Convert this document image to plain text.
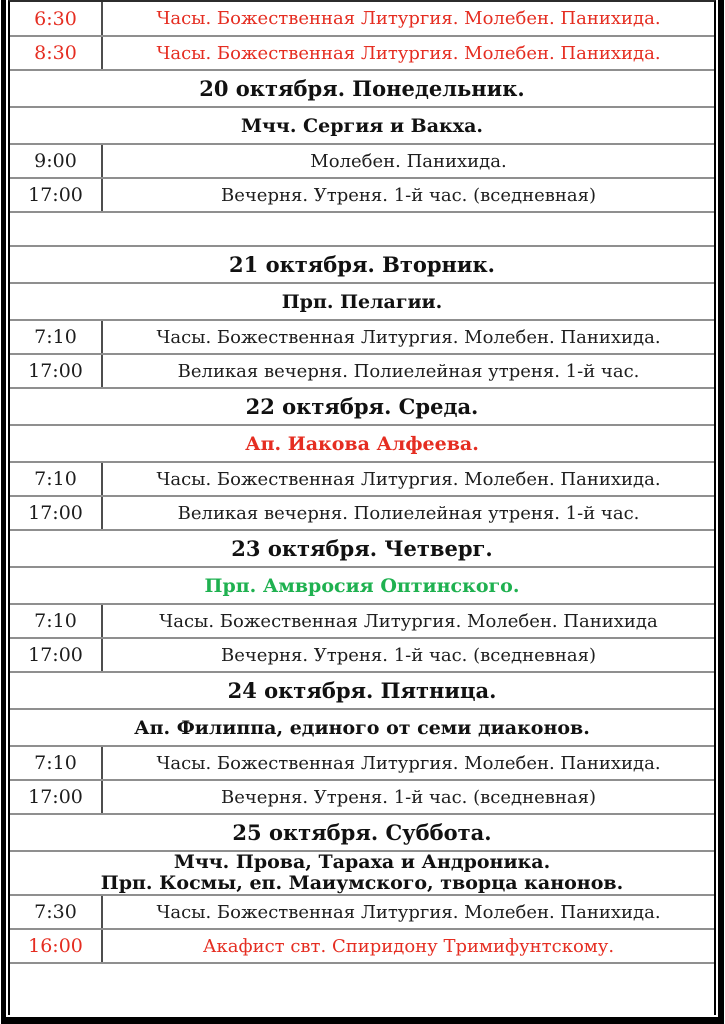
6:30	Часы. Божественная Литургия. Молебен. Панихида.
8:30	Часы. Божественная Литургия. Молебен. Панихида.
20 октября. Понедельник.	
Мчч. Сергия и Вакха.	
9:00	Молебен. Панихида.
17:00	Вечерня. Утреня. 1-й час. (вседневная)

21 октября. Вторник.	
Прп. Пелагии.	
7:10	Часы. Божественная Литургия. Молебен. Панихида.
17:00	Великая вечерня. Полиелейная утреня. 1-й час.
22 октября. Среда.	
Ап. Иакова Алфеева.	
7:10	Часы. Божественная Литургия. Молебен. Панихида.
17:00	Великая вечерня. Полиелейная утреня. 1-й час.
23 октября. Четверг.	
Прп. Амвросия Оптинского.	
7:10	Часы. Божественная Литургия. Молебен. Панихида
17:00	Вечерня. Утреня. 1-й час. (вседневная)
24 октября. Пятница.	
Ап. Филиппа, единого от семи диаконов.	
7:10	Часы. Божественная Литургия. Молебен. Панихида.
17:00	Вечерня. Утреня. 1-й час. (вседневная)
25 октября. Суббота.	

Мчч. Прова, Тараха и Андроника.
Прп. Космы, еп. Маиумского, творца канонов.	

7:30	Часы. Божественная Литургия. Молебен. Панихида.
16:00	Акафист свт. Спиридону Тримифунтскому.
